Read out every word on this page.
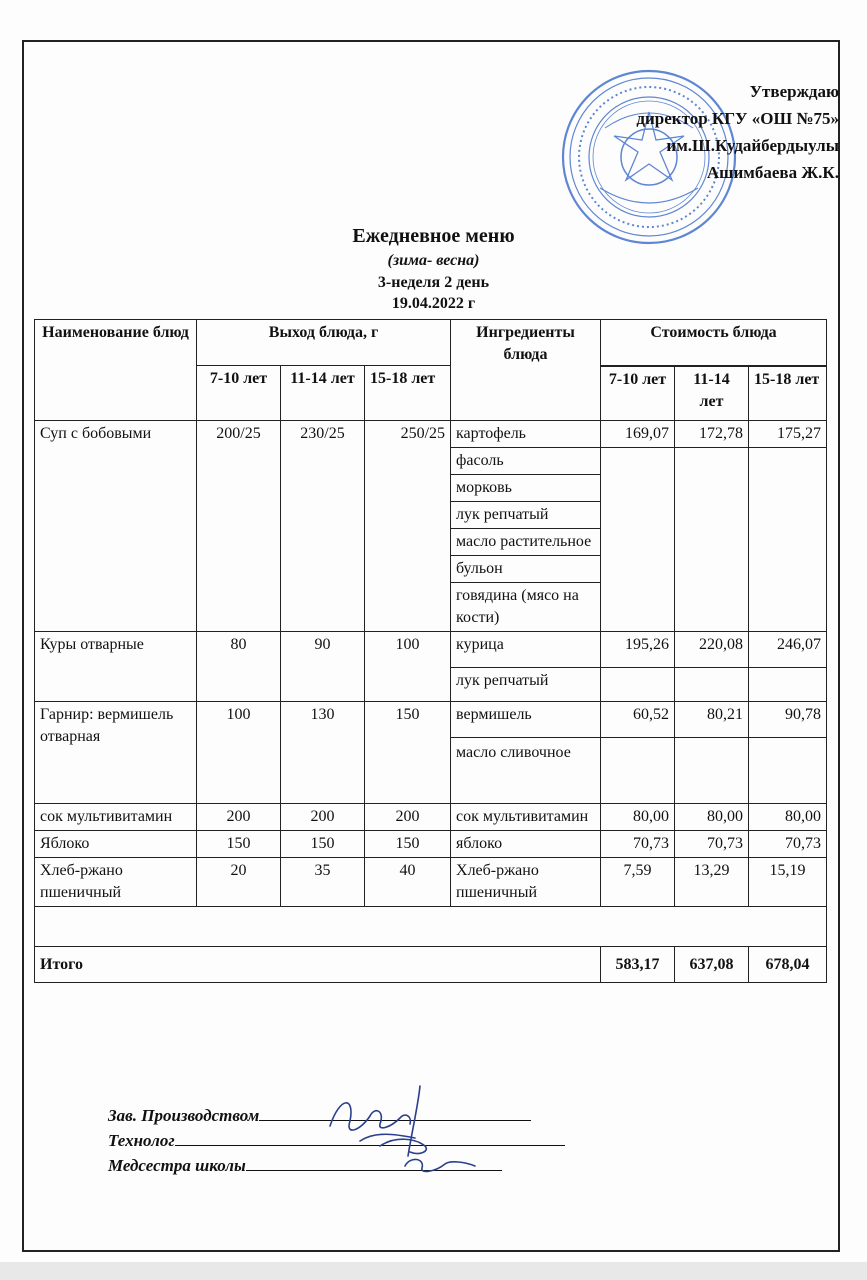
Утверждаю
директор КГУ «ОШ №75»
им.Ш.Кудайбердыулы
Ашимбаева Ж.К.
Ежедневное меню
(зима- весна)
3-неделя 2 день
19.04.2022 г
Наименование блюд	Выход блюда, г			Ингредиенты блюда	Стоимость блюда		
	7-10 лет	11-14 лет	15-18 лет				
					7-10 лет	11-14 лет	15-18 лет
Суп с бобовыми	200/25	230/25	250/25	картофель	169,07	172,78	175,27
				фасоль			
				морковь			
				лук репчатый			
				масло растительное			
				бульон			
				говядина (мясо на кости)			
Куры отварные	80	90	100	курица	195,26	220,08	246,07
				лук репчатый			
Гарнир: вермишель отварная	100	130	150	вермишель	60,52	80,21	90,78
				масло сливочное			
сок мультивитамин	200	200	200	сок мультивитамин	80,00	80,00	80,00
Яблоко	150	150	150	яблоко	70,73	70,73	70,73
Хлеб-ржано пшеничный	20	35	40	Хлеб-ржано пшеничный	7,59	13,29	15,19

Итого					583,17	637,08	678,04
Зав. Производством
Технолог
Медсестра школы
